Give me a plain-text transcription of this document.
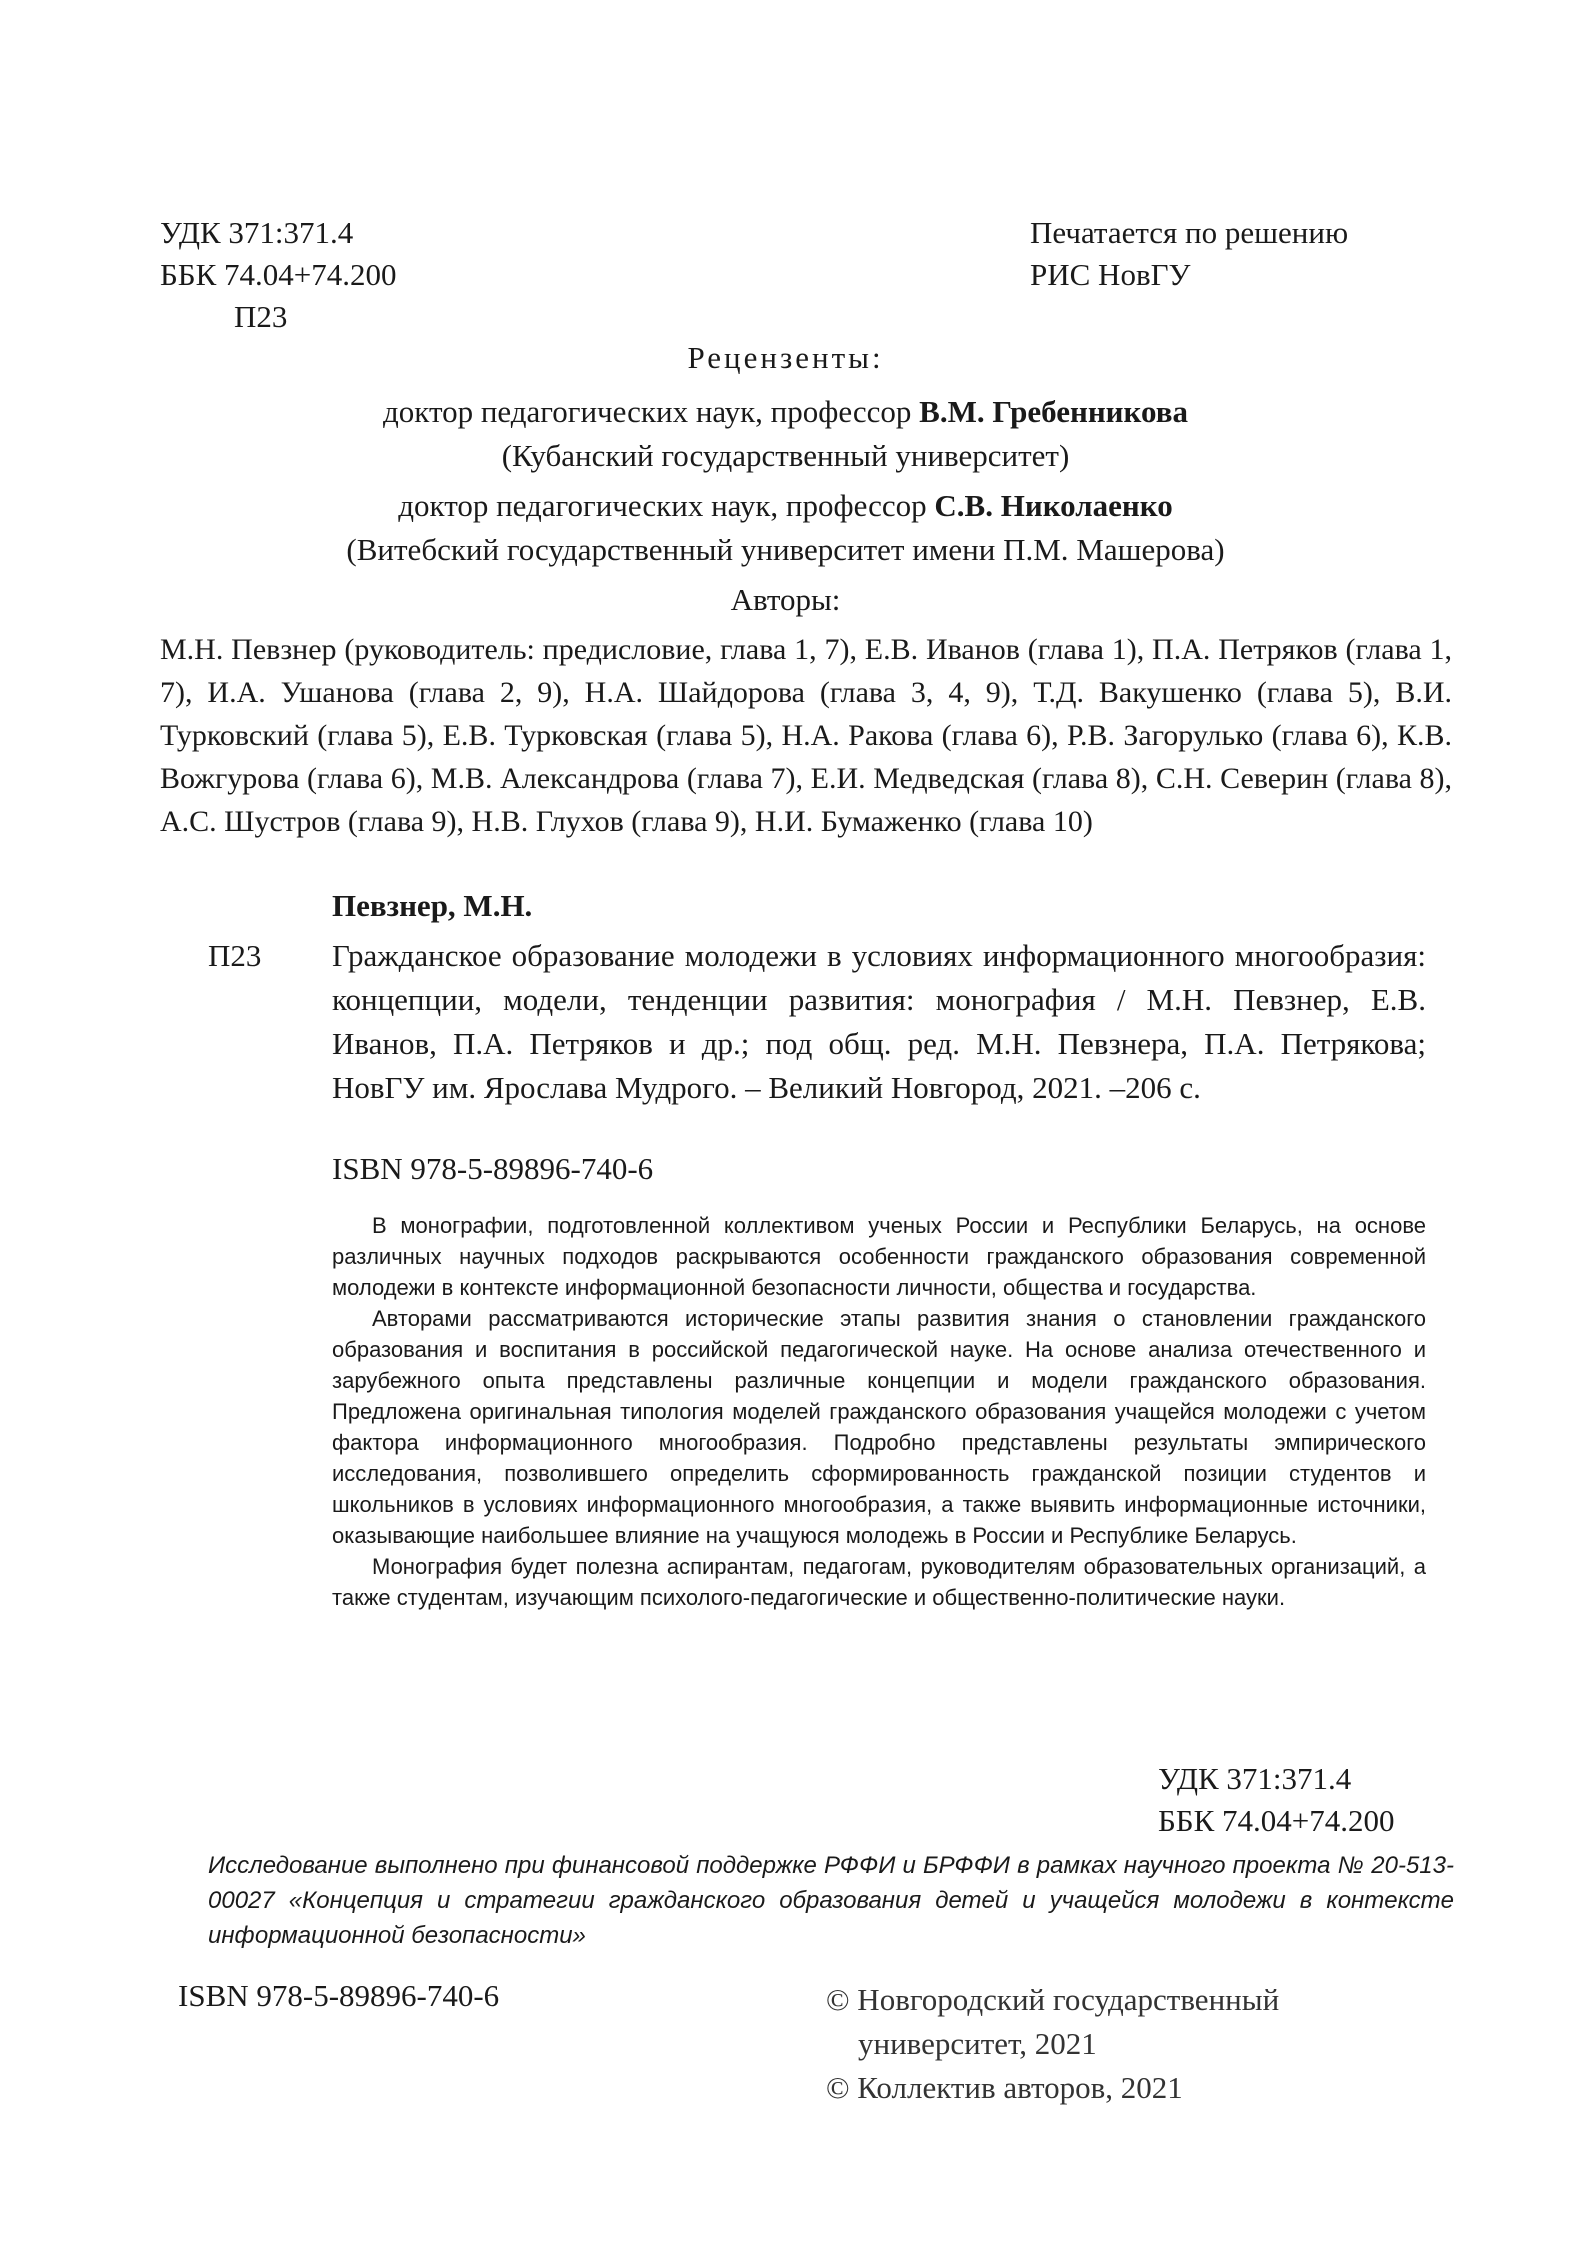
УДК 371:371.4
ББК 74.04+74.200
П23
Печатается по решению
РИС НовГУ
Рецензенты:
доктор педагогических наук, профессор В.М. Гребенникова
(Кубанский государственный университет)
доктор педагогических наук, профессор С.В. Николаенко
(Витебский государственный университет имени П.М. Машерова)
Авторы:
М.Н. Певзнер (руководитель: предисловие, глава 1, 7), Е.В. Иванов (глава 1), П.А. Петряков (глава 1, 7), И.А. Ушанова (глава 2, 9), Н.А. Шайдорова (глава 3, 4, 9), Т.Д. Вакушенко (глава 5), В.И. Турковский (глава 5), Е.В. Турковская (глава 5), Н.А. Ракова (глава 6), Р.В. Загорулько (глава 6), К.В. Вожгурова (глава 6), М.В. Александрова (глава 7), Е.И. Медведская (глава 8), С.Н. Северин (глава 8), А.С. Шустров (глава 9), Н.В. Глухов (глава 9), Н.И. Бумаженко (глава 10)
Певзнер, М.Н.
П23 Гражданское образование молодежи в условиях информационного многообразия: концепции, модели, тенденции развития: монография / М.Н. Певзнер, Е.В. Иванов, П.А. Петряков и др.; под общ. ред. М.Н. Певзнера, П.А. Петрякова; НовГУ им. Ярослава Мудрого. – Великий Новгород, 2021. –206 с.
ISBN 978-5-89896-740-6

В монографии, подготовленной коллективом ученых России и Республики Беларусь, на основе различных научных подходов раскрываются особенности гражданского образования современной молодежи в контексте информационной безопасности личности, общества и государства.

Авторами рассматриваются исторические этапы развития знания о становлении гражданского образования и воспитания в российской педагогической науке. На основе анализа отечественного и зарубежного опыта представлены различные концепции и модели гражданского образования. Предложена оригинальная типология моделей гражданского образования учащейся молодежи с учетом фактора информационного многообразия. Подробно представлены результаты эмпирического исследования, позволившего определить сформированность гражданской позиции студентов и школьников в условиях информационного многообразия, а также выявить информационные источники, оказывающие наибольшее влияние на учащуюся молодежь в России и Республике Беларусь.

Монография будет полезна аспирантам, педагогам, руководителям образовательных организаций, а также студентам, изучающим психолого-педагогические и общественно-политические науки.

УДК 371:371.4
ББК 74.04+74.200
Исследование выполнено при финансовой поддержке РФФИ и БРФФИ в рамках научного проекта № 20-513-00027 «Концепция и стратегии гражданского образования детей и учащейся молодежи в контексте информационной безопасности»
ISBN 978-5-89896-740-6	© Новгородский государственный
университет, 2021
© Коллектив авторов, 2021
